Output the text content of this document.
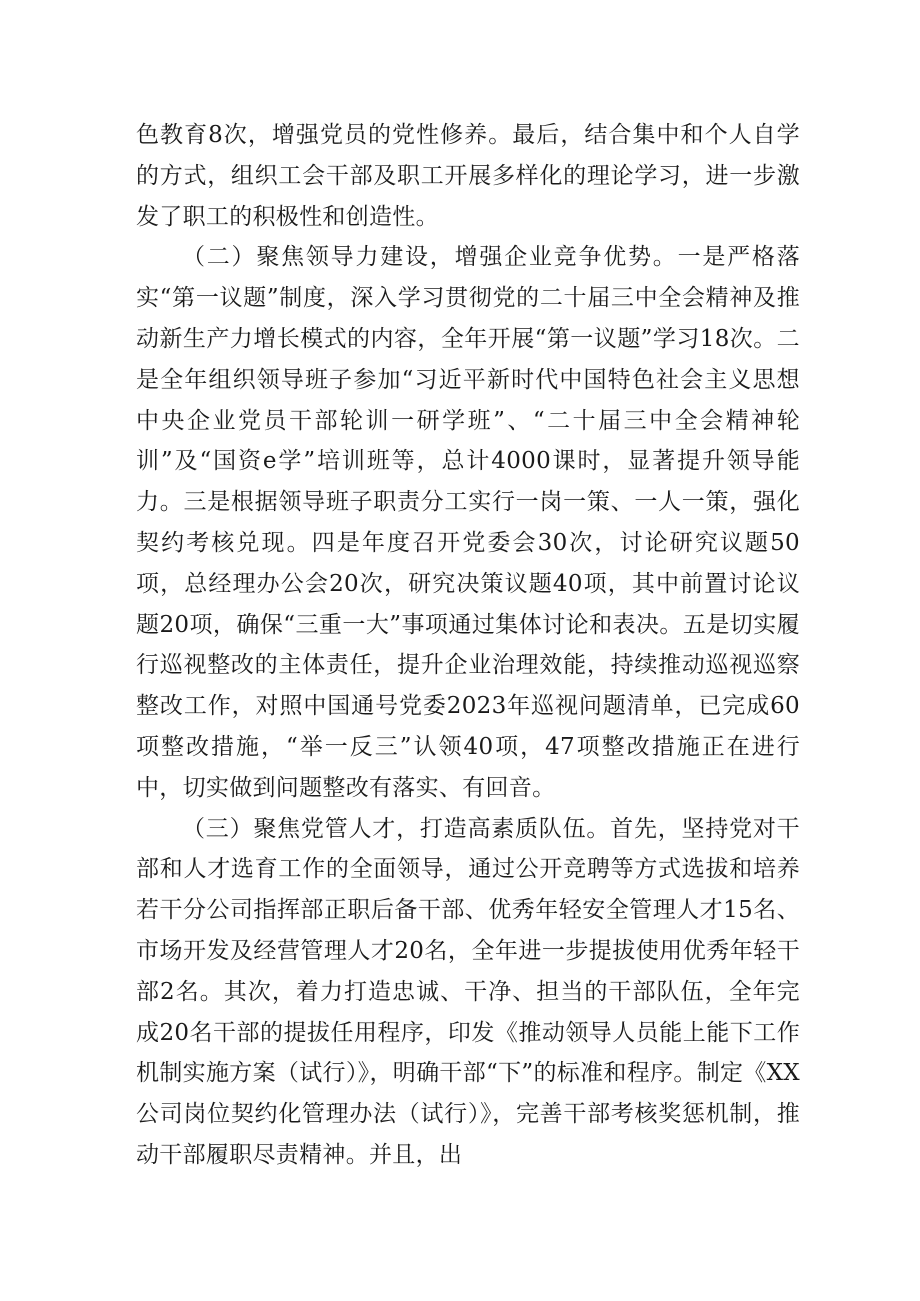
色教育8次，增强党员的党性修养。最后，结合集中和个人自学的方式，组织工会干部及职工开展多样化的理论学习，进一步激发了职工的积极性和创造性。

（二）聚焦领导力建设，增强企业竞争优势。一是严格落实“第一议题”制度，深入学习贯彻党的二十届三中全会精神及推动新生产力增长模式的内容，全年开展“第一议题”学习18次。二是全年组织领导班子参加“习近平新时代中国特色社会主义思想中央企业党员干部轮训一研学班”、“二十届三中全会精神轮训”及“国资e学”培训班等，总计4000课时，显著提升领导能力。三是根据领导班子职责分工实行一岗一策、一人一策，强化契约考核兑现。四是年度召开党委会30次，讨论研究议题50项，总经理办公会20次，研究决策议题40项，其中前置讨论议题20项，确保“三重一大”事项通过集体讨论和表决。五是切实履行巡视整改的主体责任，提升企业治理效能，持续推动巡视巡察整改工作，对照中国通号党委2023年巡视问题清单，已完成60项整改措施，“举一反三”认领40项，47项整改措施正在进行中，切实做到问题整改有落实、有回音。

（三）聚焦党管人才，打造高素质队伍。首先，坚持党对干部和人才选育工作的全面领导，通过公开竞聘等方式选拔和培养若干分公司指挥部正职后备干部、优秀年轻安全管理人才15名、市场开发及经营管理人才20名，全年进一步提拔使用优秀年轻干部2名。其次，着力打造忠诚、干净、担当的干部队伍，全年完成20名干部的提拔任用程序，印发《推动领导人员能上能下工作机制实施方案（试行）》，明确干部“下”的标准和程序。制定《XX公司岗位契约化管理办法（试行）》，完善干部考核奖惩机制，推动干部履职尽责精神。并且，出
